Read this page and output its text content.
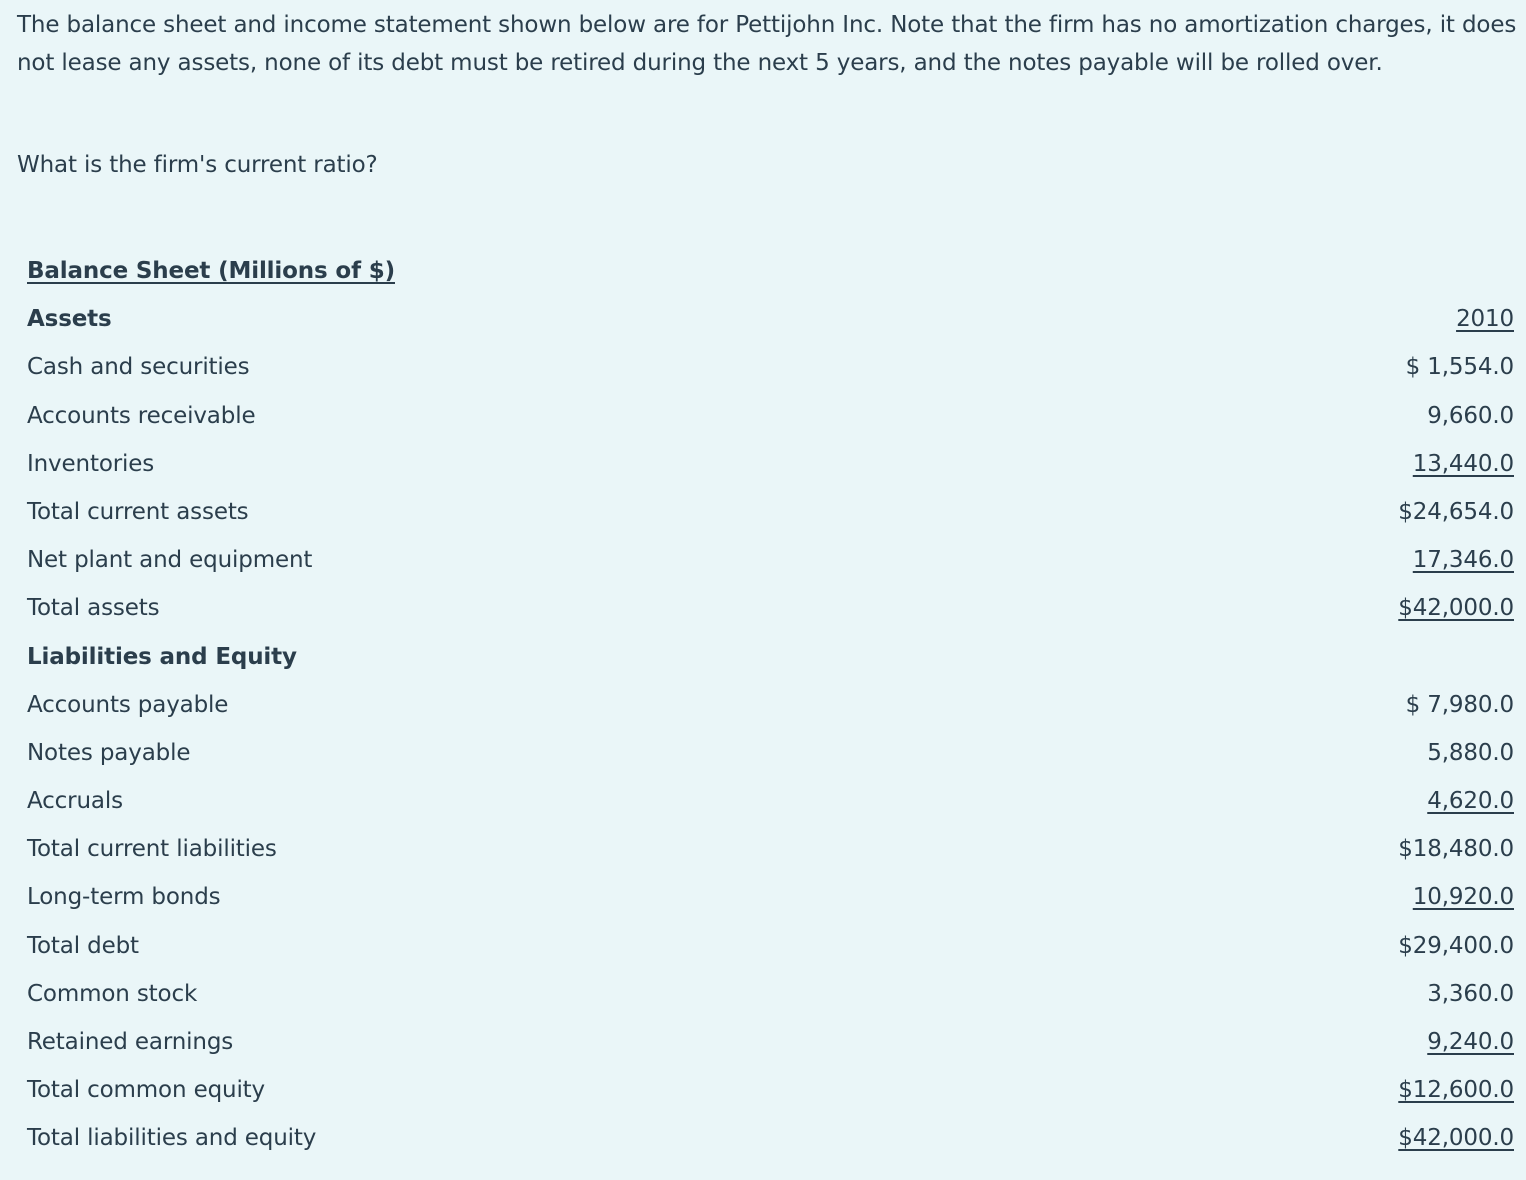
The balance sheet and income statement shown below are for Pettijohn Inc. Note that the firm has no amortization charges, it does not lease any assets, none of its debt must be retired during the next 5 years, and the notes payable will be rolled over.

What is the firm's current ratio?

Balance Sheet (Millions of $)
Assets	2010
Cash and securities	$ 1,554.0
Accounts receivable	9,660.0
Inventories	13,440.0
Total current assets	$24,654.0
Net plant and equipment	17,346.0
Total assets	$42,000.0
Liabilities and Equity
Accounts payable	$ 7,980.0
Notes payable	5,880.0
Accruals	4,620.0
Total current liabilities	$18,480.0
Long-term bonds	10,920.0
Total debt	$29,400.0
Common stock	3,360.0
Retained earnings	9,240.0
Total common equity	$12,600.0
Total liabilities and equity	$42,000.0
